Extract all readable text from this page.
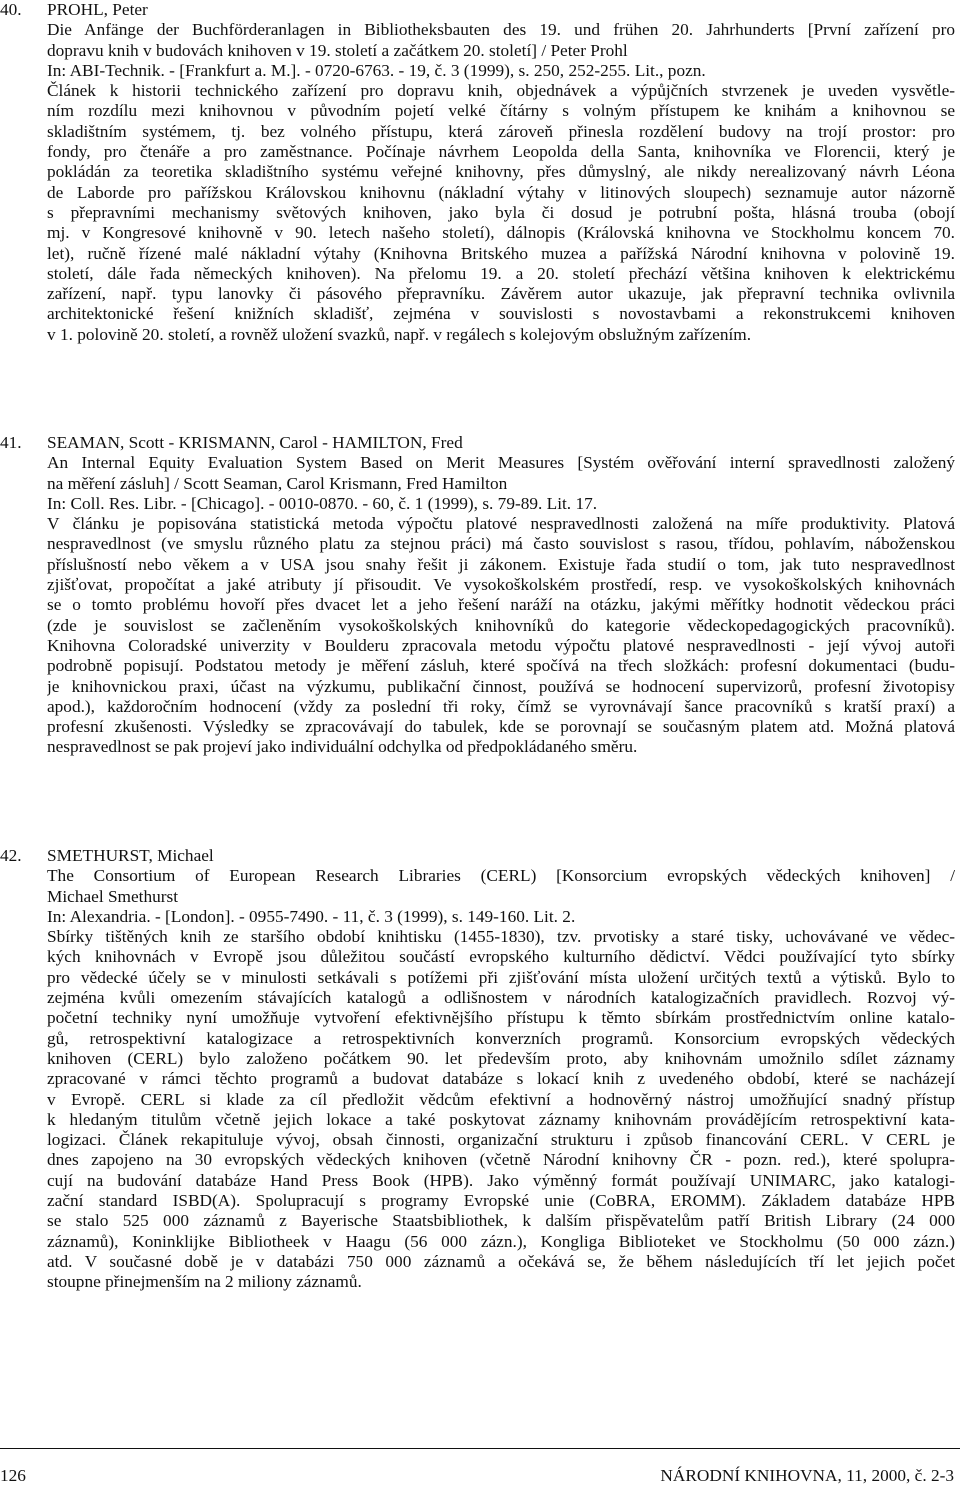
40.	PROHL, Peter
Die Anfänge der Buchförderanlagen in Bibliotheksbauten des 19. und frühen 20. Jahrhunderts [První zařízení pro
dopravu knih v budovách knihoven v 19. století a začátkem 20. století] / Peter Prohl
In: ABI-Technik. - [Frankfurt a. M.]. - 0720-6763. - 19, č. 3 (1999), s. 250, 252-255. Lit., pozn.
Článek k historii technického zařízení pro dopravu knih, objednávek a výpůjčních stvrzenek je uveden vysvětle-
ním rozdílu mezi knihovnou v původním pojetí velké čítárny s volným přístupem ke knihám a knihovnou se
skladištním systémem, tj. bez volného přístupu, která zároveň přinesla rozdělení budovy na trojí prostor: pro
fondy, pro čtenáře a pro zaměstnance. Počínaje návrhem Leopolda della Santa, knihovníka ve Florencii, který je
pokládán za teoretika skladištního systému veřejné knihovny, přes důmyslný, ale nikdy nerealizovaný návrh Léona
de Laborde pro pařížskou Královskou knihovnu (nákladní výtahy v litinových sloupech) seznamuje autor názorně
s přepravními mechanismy světových knihoven, jako byla či dosud je potrubní pošta, hlásná trouba (obojí
mj. v Kongresové knihovně v 90. letech našeho století), dálnopis (Královská knihovna ve Stockholmu koncem 70.
let), ručně řízené malé nákladní výtahy (Knihovna Britského muzea a pařížská Národní knihovna v polovině 19.
století, dále řada německých knihoven). Na přelomu 19. a 20. století přechází většina knihoven k elektrickému
zařízení, např. typu lanovky či pásového přepravníku. Závěrem autor ukazuje, jak přepravní technika ovlivnila
architektonické řešení knižních skladišť, zejména v souvislosti s novostavbami a rekonstrukcemi knihoven
v 1. polovině 20. století, a rovněž uložení svazků, např. v regálech s kolejovým obslužným zařízením.
41.	SEAMAN, Scott - KRISMANN, Carol - HAMILTON, Fred
An Internal Equity Evaluation System Based on Merit Measures [Systém ověřování interní spravedlnosti založený
na měření zásluh] / Scott Seaman, Carol Krismann, Fred Hamilton
In: Coll. Res. Libr. - [Chicago]. - 0010-0870. - 60, č. 1 (1999), s. 79-89. Lit. 17.
V článku je popisována statistická metoda výpočtu platové nespravedlnosti založená na míře produktivity. Platová
nespravedlnost (ve smyslu různého platu za stejnou práci) má často souvislost s rasou, třídou, pohlavím, náboženskou
příslušností nebo věkem a v USA jsou snahy řešit ji zákonem. Existuje řada studií o tom, jak tuto nespravedlnost
zjišťovat, propočítat a jaké atributy jí přisoudit. Ve vysokoškolském prostředí, resp. ve vysokoškolských knihovnách
se o tomto problému hovoří přes dvacet let a jeho řešení naráží na otázku, jakými měřítky hodnotit vědeckou práci
(zde je souvislost se začleněním vysokoškolských knihovníků do kategorie vědeckopedagogických pracovníků).
Knihovna Coloradské univerzity v Boulderu zpracovala metodu výpočtu platové nespravedlnosti - její vývoj autoři
podrobně popisují. Podstatou metody je měření zásluh, které spočívá na třech složkách: profesní dokumentaci (budu-
je knihovnickou praxi, účast na výzkumu, publikační činnost, používá se hodnocení supervizorů, profesní životopisy
apod.), každoročním hodnocení (vždy za poslední tři roky, čímž se vyrovnávají šance pracovníků s kratší praxí) a
profesní zkušenosti. Výsledky se zpracovávají do tabulek, kde se porovnají se současným platem atd. Možná platová
nespravedlnost se pak projeví jako individuální odchylka od předpokládaného směru.
42.	SMETHURST, Michael
The Consortium of European Research Libraries (CERL) [Konsorcium evropských vědeckých knihoven] /
Michael Smethurst
In: Alexandria. - [London]. - 0955-7490. - 11, č. 3 (1999), s. 149-160. Lit. 2.
Sbírky tištěných knih ze staršího období knihtisku (1455-1830), tzv. prvotisky a staré tisky, uchovávané ve vědec-
kých knihovnách v Evropě jsou důležitou součástí evropského kulturního dědictví. Vědci používající tyto sbírky
pro vědecké účely se v minulosti setkávali s potížemi při zjišťování místa uložení určitých textů a výtisků. Bylo to
zejména kvůli omezením stávajících katalogů a odlišnostem v národních katalogizačních pravidlech. Rozvoj vý-
početní techniky nyní umožňuje vytvoření efektivnějšího přístupu k těmto sbírkám prostřednictvím online katalo-
gů, retrospektivní katalogizace a retrospektivních konverzních programů. Konsorcium evropských vědeckých
knihoven (CERL) bylo založeno počátkem 90. let především proto, aby knihovnám umožnilo sdílet záznamy
zpracované v rámci těchto programů a budovat databáze s lokací knih z uvedeného období, které se nacházejí
v Evropě. CERL si klade za cíl předložit vědcům efektivní a hodnověrný nástroj umožňující snadný přístup
k hledaným titulům včetně jejich lokace a také poskytovat záznamy knihovnám provádějícím retrospektivní kata-
logizaci. Článek rekapituluje vývoj, obsah činnosti, organizační strukturu i způsob financování CERL. V CERL je
dnes zapojeno na 30 evropských vědeckých knihoven (včetně Národní knihovny ČR - pozn. red.), které spolupra-
cují na budování databáze Hand Press Book (HPB). Jako výměnný formát používají UNIMARC, jako katalogi-
zační standard ISBD(A). Spolupracují s programy Evropské unie (CoBRA, EROMM). Základem databáze HPB
se stalo 525 000 záznamů z Bayerische Staatsbibliothek, k dalším přispěvatelům patří British Library (24 000
záznamů), Koninklijke Bibliotheek v Haagu (56 000 zázn.), Kongliga Biblioteket ve Stockholmu (50 000 zázn.)
atd. V současné době je v databázi 750 000 záznamů a očekává se, že během následujících tří let jejich počet
stoupne přinejmenším na 2 miliony záznamů.
126	NÁRODNÍ KNIHOVNA, 11, 2000, č. 2-3
